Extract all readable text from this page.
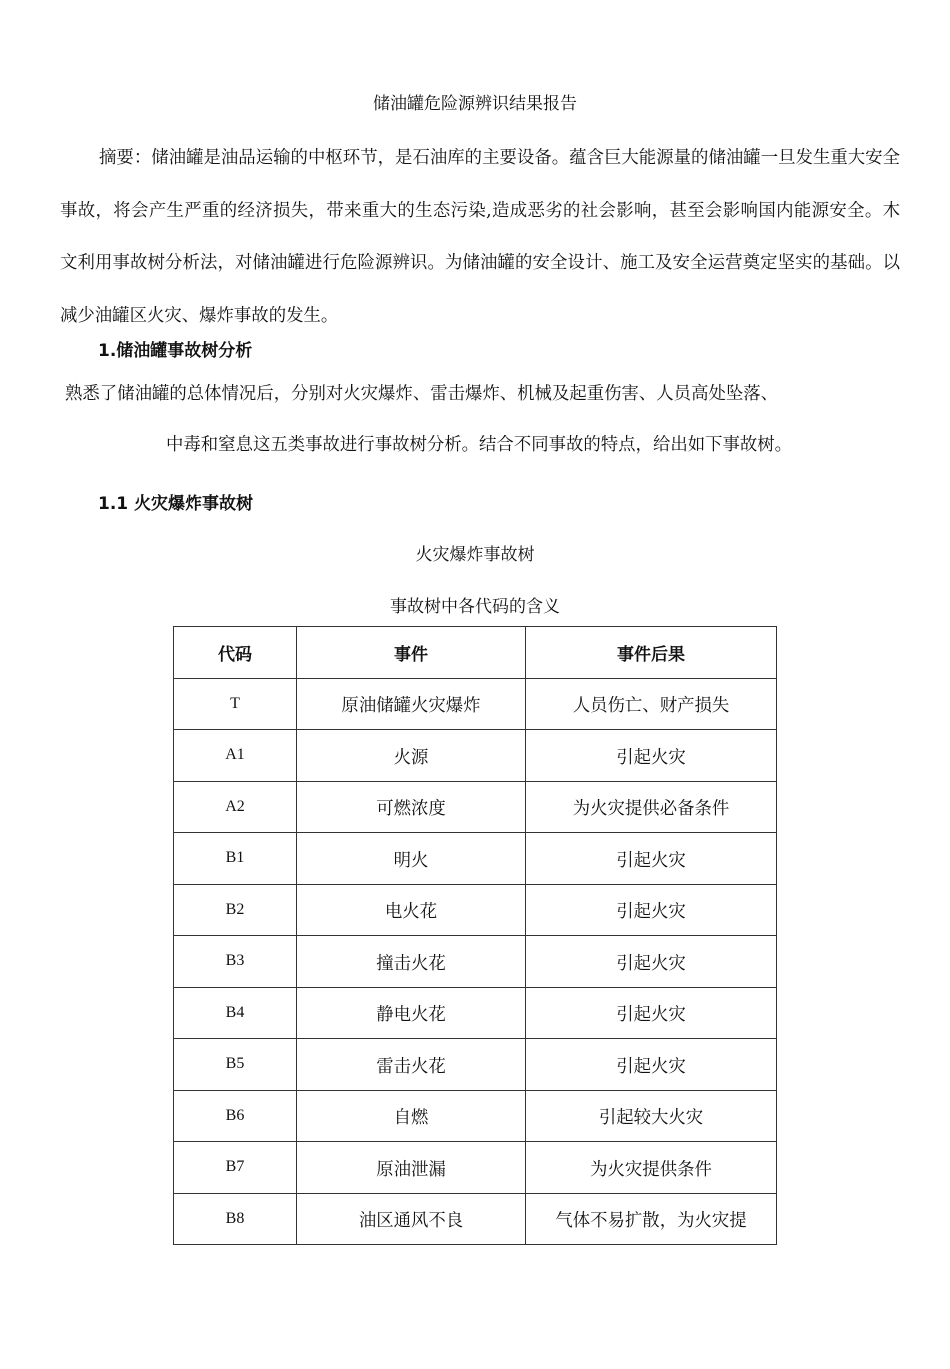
储油罐危险源辨识结果报告

摘要：储油罐是油品运输的中枢环节，是石油库的主要设备。蕴含巨大能源量的储油罐一旦发生重大安全事故，将会产生严重的经济损失，带来重大的生态污染,造成恶劣的社会影响，甚至会影响国内能源安全。木文利用事故树分析法，对储油罐进行危险源辨识。为储油罐的安全设计、施工及安全运营奠定坚实的基础。以减少油罐区火灾、爆炸事故的发生。

1.储油罐事故树分析
熟悉了储油罐的总体情况后，分别对火灾爆炸、雷击爆炸、机械及起重伤害、人员高处坠落、
中毒和窒息这五类事故进行事故树分析。结合不同事故的特点，给出如下事故树。
1.1 火灾爆炸事故树
火灾爆炸事故树
事故树中各代码的含义
代码	事件	事件后果
T	原油储罐火灾爆炸	人员伤亡、财产损失
A1	火源	引起火灾
A2	可燃浓度	为火灾提供必备条件
B1	明火	引起火灾
B2	电火花	引起火灾
B3	撞击火花	引起火灾
B4	静电火花	引起火灾
B5	雷击火花	引起火灾
B6	自燃	引起较大火灾
B7	原油泄漏	为火灾提供条件
B8	油区通风不良	气体不易扩散，为火灾提
